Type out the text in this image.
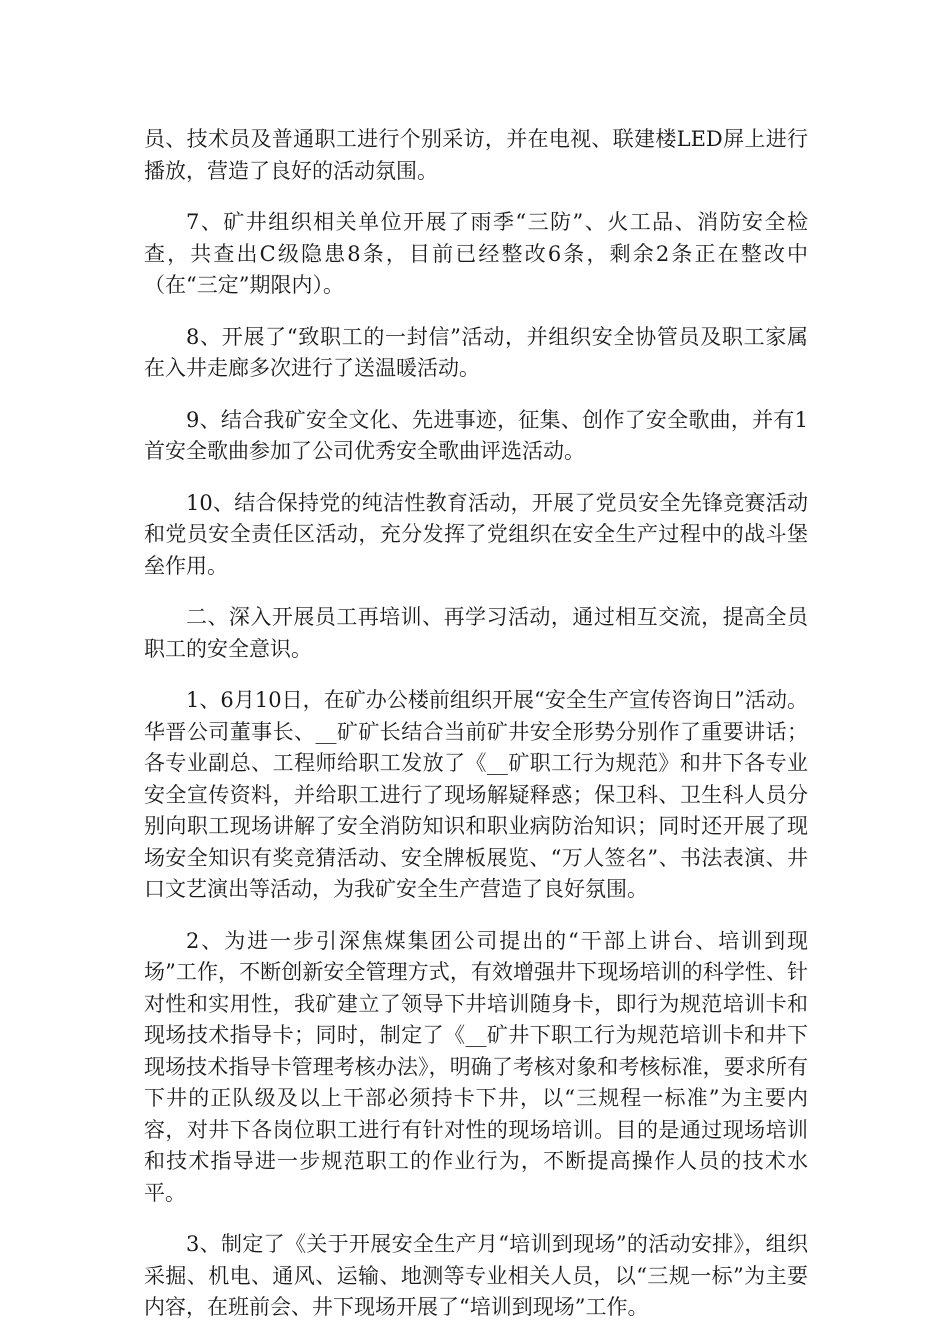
员、技术员及普通职工进行个别采访，并在电视、联建楼LED屏上进行播放，营造了良好的活动氛围。

7、矿井组织相关单位开展了雨季“三防”、火工品、消防安全检查，共查出C级隐患8条，目前已经整改6条，剩余2条正在整改中（在“三定”期限内）。

8、开展了“致职工的一封信”活动，并组织安全协管员及职工家属在入井走廊多次进行了送温暖活动。

9、结合我矿安全文化、先进事迹，征集、创作了安全歌曲，并有1首安全歌曲参加了公司优秀安全歌曲评选活动。

10、结合保持党的纯洁性教育活动，开展了党员安全先锋竞赛活动和党员安全责任区活动，充分发挥了党组织在安全生产过程中的战斗堡垒作用。

二、深入开展员工再培训、再学习活动，通过相互交流，提高全员职工的安全意识。

1、6月10日，在矿办公楼前组织开展“安全生产宣传咨询日”活动。华晋公司董事长、__矿矿长结合当前矿井安全形势分别作了重要讲话；各专业副总、工程师给职工发放了《__矿职工行为规范》和井下各专业安全宣传资料，并给职工进行了现场解疑释惑；保卫科、卫生科人员分别向职工现场讲解了安全消防知识和职业病防治知识；同时还开展了现场安全知识有奖竞猜活动、安全牌板展览、“万人签名”、书法表演、井口文艺演出等活动，为我矿安全生产营造了良好氛围。

2、为进一步引深焦煤集团公司提出的“干部上讲台、培训到现场”工作，不断创新安全管理方式，有效增强井下现场培训的科学性、针对性和实用性，我矿建立了领导下井培训随身卡，即行为规范培训卡和现场技术指导卡；同时，制定了《__矿井下职工行为规范培训卡和井下现场技术指导卡管理考核办法》，明确了考核对象和考核标准，要求所有下井的正队级及以上干部必须持卡下井，以“三规程一标准”为主要内容，对井下各岗位职工进行有针对性的现场培训。目的是通过现场培训和技术指导进一步规范职工的作业行为，不断提高操作人员的技术水平。

3、制定了《关于开展安全生产月“培训到现场”的活动安排》，组织采掘、机电、通风、运输、地测等专业相关人员，以“三规一标”为主要内容，在班前会、井下现场开展了“培训到现场”工作。
